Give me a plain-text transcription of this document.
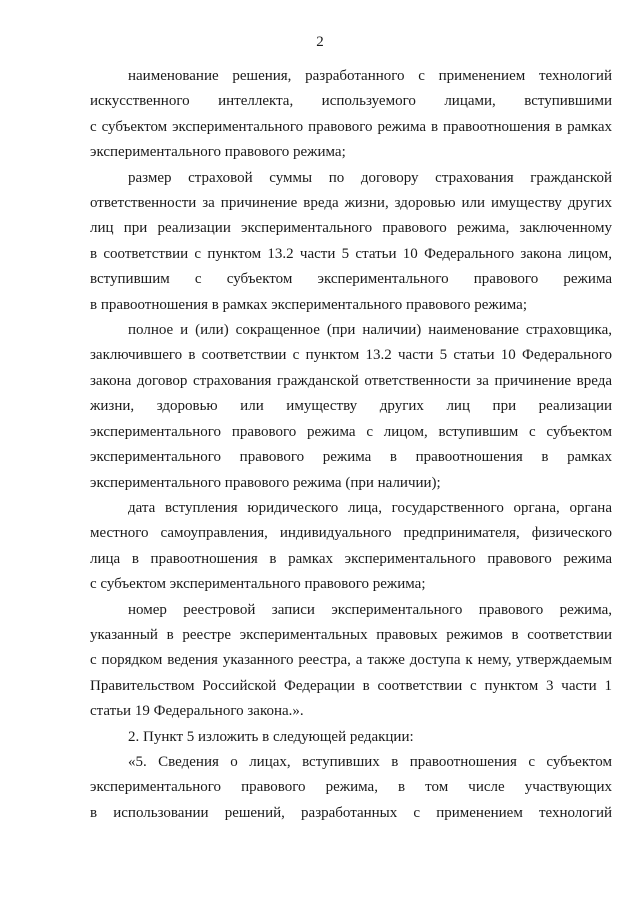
2
наименование решения, разработанного с применением технологий
искусственного интеллекта, используемого лицами, вступившими
с субъектом экспериментального правового режима в правоотношения в рамках
экспериментального правового режима;
размер страховой суммы по договору страхования гражданской
ответственности за причинение вреда жизни, здоровью или имуществу других
лиц при реализации экспериментального правового режима, заключенному
в соответствии с пунктом 13.2 части 5 статьи 10 Федерального закона лицом,
вступившим с субъектом экспериментального правового режима
в правоотношения в рамках экспериментального правового режима;
полное и (или) сокращенное (при наличии) наименование страховщика,
заключившего в соответствии с пунктом 13.2 части 5 статьи 10 Федерального
закона договор страхования гражданской ответственности за причинение вреда
жизни, здоровью или имуществу других лиц при реализации
экспериментального правового режима с лицом, вступившим с субъектом
экспериментального правового режима в правоотношения в рамках
экспериментального правового режима (при наличии);
дата вступления юридического лица, государственного органа, органа
местного самоуправления, индивидуального предпринимателя, физического
лица в правоотношения в рамках экспериментального правового режима
с субъектом экспериментального правового режима;
номер реестровой записи экспериментального правового режима,
указанный в реестре экспериментальных правовых режимов в соответствии
с порядком ведения указанного реестра, а также доступа к нему, утверждаемым
Правительством Российской Федерации в соответствии с пунктом 3 части 1
статьи 19 Федерального закона.».
2. Пункт 5 изложить в следующей редакции:
«5. Сведения о лицах, вступивших в правоотношения с субъектом
экспериментального правового режима, в том числе участвующих
в использовании решений, разработанных с применением технологий
